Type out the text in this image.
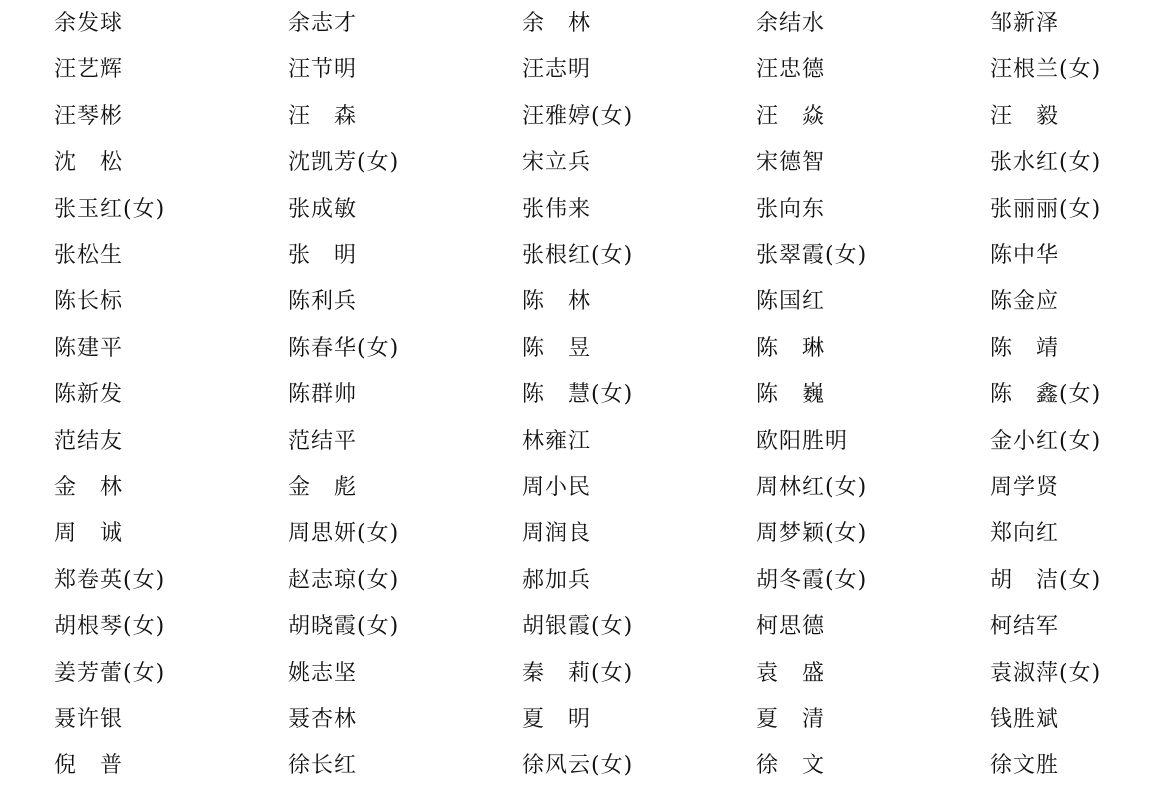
余发球	余志才	余　林	余结水	邹新泽
汪艺辉	汪节明	汪志明	汪忠德	汪根兰(女)
汪琴彬	汪　森	汪雅婷(女)	汪　焱	汪　毅
沈　松	沈凯芳(女)	宋立兵	宋德智	张水红(女)
张玉红(女)	张成敏	张伟来	张向东	张丽丽(女)
张松生	张　明	张根红(女)	张翠霞(女)	陈中华
陈长标	陈利兵	陈　林	陈国红	陈金应
陈建平	陈春华(女)	陈　昱	陈　琳	陈　靖
陈新发	陈群帅	陈　慧(女)	陈　巍	陈　鑫(女)
范结友	范结平	林雍江	欧阳胜明	金小红(女)
金　林	金　彪	周小民	周林红(女)	周学贤
周　诚	周思妍(女)	周润良	周梦颖(女)	郑向红
郑卷英(女)	赵志琼(女)	郝加兵	胡冬霞(女)	胡　洁(女)
胡根琴(女)	胡晓霞(女)	胡银霞(女)	柯思德	柯结军
姜芳蕾(女)	姚志坚	秦　莉(女)	袁　盛	袁淑萍(女)
聂许银	聂杏林	夏　明	夏　清	钱胜斌
倪　普	徐长红	徐风云(女)	徐　文	徐文胜
